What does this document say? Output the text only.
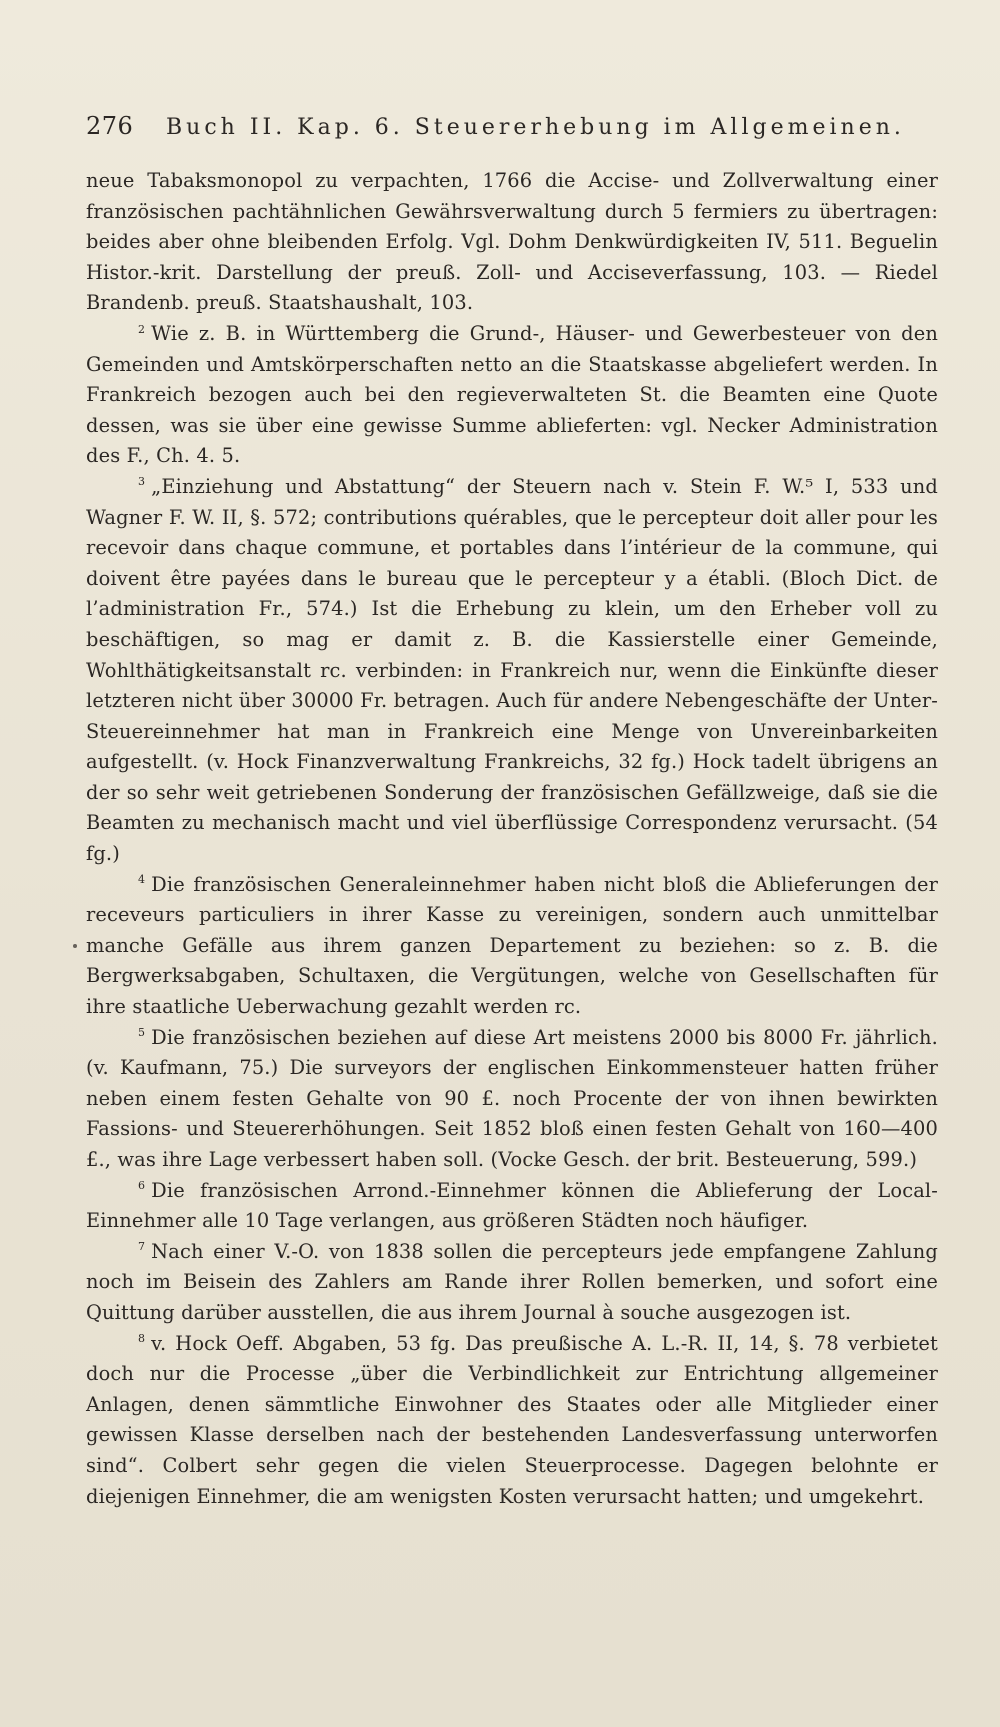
276	Buch II. Kap. 6. Steuererhebung im Allgemeinen.

neue Tabaksmonopol zu verpachten, 1766 die Accise- und Zollverwaltung einer französischen pachtähnlichen Gewährsverwaltung durch 5 fermiers zu übertragen: beides aber ohne bleibenden Erfolg. Vgl. Dohm Denkwürdigkeiten IV, 511. Beguelin Histor.-krit. Darstellung der preuß. Zoll- und Acciseverfassung, 103. — Riedel Brandenb. preuß. Staatshaushalt, 103.

$^2$ Wie z. B. in Württemberg die Grund-, Häuser- und Gewerbesteuer von den Gemeinden und Amtskörperschaften netto an die Staatskasse abgeliefert werden. In Frankreich bezogen auch bei den regieverwalteten St. die Beamten eine Quote dessen, was sie über eine gewisse Summe ablieferten: vgl. Necker Administration des F., Ch. 4. 5.

$^3$ „Einziehung und Abstattung“ der Steuern nach v. Stein F. W.⁵ I, 533 und Wagner F. W. II, §. 572; contributions quérables, que le percepteur doit aller pour les recevoir dans chaque commune, et portables dans l’intérieur de la commune, qui doivent être payées dans le bureau que le percepteur y a établi. (Bloch Dict. de l’administration Fr., 574.) Ist die Erhebung zu klein, um den Erheber voll zu beschäftigen, so mag er damit z. B. die Kassierstelle einer Gemeinde, Wohlthätigkeitsanstalt rc. verbinden: in Frankreich nur, wenn die Einkünfte dieser letzteren nicht über 30000 Fr. betragen. Auch für andere Nebengeschäfte der Unter-Steuereinnehmer hat man in Frankreich eine Menge von Unvereinbarkeiten aufgestellt. (v. Hock Finanzverwaltung Frankreichs, 32 fg.) Hock tadelt übrigens an der so sehr weit getriebenen Sonderung der französischen Gefällzweige, daß sie die Beamten zu mechanisch macht und viel überflüssige Correspondenz verursacht. (54 fg.)

$^4$ Die französischen Generaleinnehmer haben nicht bloß die Ablieferungen der receveurs particuliers in ihrer Kasse zu vereinigen, sondern auch unmittelbar manche Gefälle aus ihrem ganzen Departement zu beziehen: so z. B. die Bergwerksabgaben, Schultaxen, die Vergütungen, welche von Gesellschaften für ihre staatliche Ueberwachung gezahlt werden rc.

$^5$ Die französischen beziehen auf diese Art meistens 2000 bis 8000 Fr. jährlich. (v. Kaufmann, 75.) Die surveyors der englischen Einkommensteuer hatten früher neben einem festen Gehalte von 90 £. noch Procente der von ihnen bewirkten Fassions- und Steuererhöhungen. Seit 1852 bloß einen festen Gehalt von 160—400 £., was ihre Lage verbessert haben soll. (Vocke Gesch. der brit. Besteuerung, 599.)

$^6$ Die französischen Arrond.-Einnehmer können die Ablieferung der Local-Einnehmer alle 10 Tage verlangen, aus größeren Städten noch häufiger.

$^7$ Nach einer V.-O. von 1838 sollen die percepteurs jede empfangene Zahlung noch im Beisein des Zahlers am Rande ihrer Rollen bemerken, und sofort eine Quittung darüber ausstellen, die aus ihrem Journal à souche ausgezogen ist.

$^8$ v. Hock Oeff. Abgaben, 53 fg. Das preußische A. L.-R. II, 14, §. 78 verbietet doch nur die Processe „über die Verbindlichkeit zur Entrichtung allgemeiner Anlagen, denen sämmtliche Einwohner des Staates oder alle Mitglieder einer gewissen Klasse derselben nach der bestehenden Landesverfassung unterworfen sind“. Colbert sehr gegen die vielen Steuerprocesse. Dagegen belohnte er diejenigen Einnehmer, die am wenigsten Kosten verursacht hatten; und umgekehrt.
